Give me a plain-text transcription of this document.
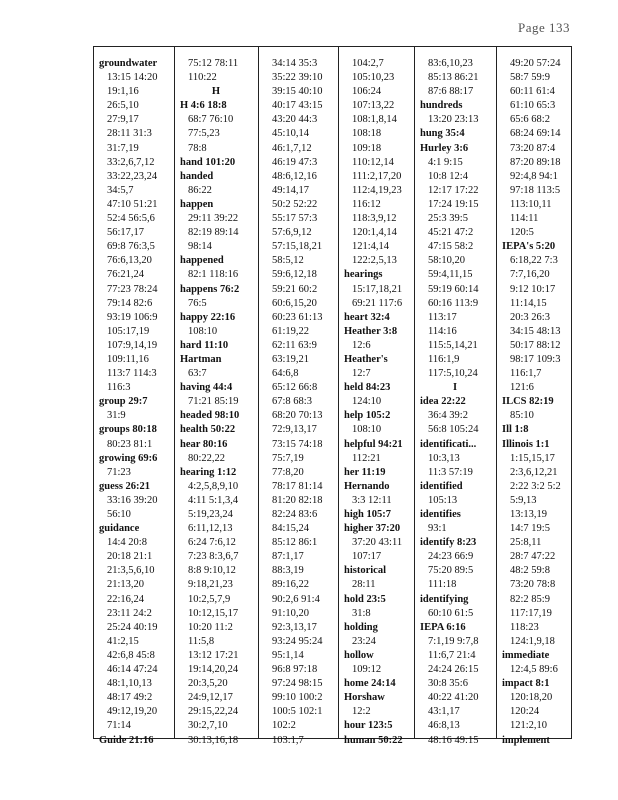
Page 133
groundwater
13:15 14:20
19:1,16
26:5,10
27:9,17
28:11 31:3
31:7,19
33:2,6,7,12
33:22,23,24
34:5,7
47:10 51:21
52:4 56:5,6
56:17,17
69:8 76:3,5
76:6,13,20
76:21,24
77:23 78:24
79:14 82:6
93:19 106:9
105:17,19
107:9,14,19
109:11,16
113:7 114:3
116:3
group 29:7
31:9
groups 80:18
80:23 81:1
growing 69:6
71:23
guess 26:21
33:16 39:20
56:10
guidance
14:4 20:8
20:18 21:1
21:3,5,6,10
21:13,20
22:16,24
23:11 24:2
25:24 40:19
41:2,15
42:6,8 45:8
46:14 47:24
48:1,10,13
48:17 49:2
49:12,19,20
71:14
Guide 21:16
75:12 78:11
110:22
H
H 4:6 18:8
68:7 76:10
77:5,23
78:8
hand 101:20
handed
86:22
happen
29:11 39:22
82:19 89:14
98:14
happened
82:1 118:16
happens 76:2
76:5
happy 22:16
108:10
hard 11:10
Hartman
63:7
having 44:4
71:21 85:19
headed 98:10
health 50:22
hear 80:16
80:22,22
hearing 1:12
4:2,5,8,9,10
4:11 5:1,3,4
5:19,23,24
6:11,12,13
6:24 7:6,12
7:23 8:3,6,7
8:8 9:10,12
9:18,21,23
10:2,5,7,9
10:12,15,17
10:20 11:2
11:5,8
13:12 17:21
19:14,20,24
20:3,5,20
24:9,12,17
29:15,22,24
30:2,7,10
30:13,16,18
34:14 35:3
35:22 39:10
39:15 40:10
40:17 43:15
43:20 44:3
45:10,14
46:1,7,12
46:19 47:3
48:6,12,16
49:14,17
50:2 52:22
55:17 57:3
57:6,9,12
57:15,18,21
58:5,12
59:6,12,18
59:21 60:2
60:6,15,20
60:23 61:13
61:19,22
62:11 63:9
63:19,21
64:6,8
65:12 66:8
67:8 68:3
68:20 70:13
72:9,13,17
73:15 74:18
75:7,19
77:8,20
78:17 81:14
81:20 82:18
82:24 83:6
84:15,24
85:12 86:1
87:1,17
88:3,19
89:16,22
90:2,6 91:4
91:10,20
92:3,13,17
93:24 95:24
95:1,14
96:8 97:18
97:24 98:15
99:10 100:2
100:5 102:1
102:2
103:1,7
104:2,7
105:10,23
106:24
107:13,22
108:1,8,14
108:18
109:18
110:12,14
111:2,17,20
112:4,19,23
116:12
118:3,9,12
120:1,4,14
121:4,14
122:2,5,13
hearings
15:17,18,21
69:21 117:6
heart 32:4
Heather 3:8
12:6
Heather's
12:7
held 84:23
124:10
help 105:2
108:10
helpful 94:21
112:21
her 11:19
Hernando
3:3 12:11
high 105:7
higher 37:20
37:20 43:11
107:17
historical
28:11
hold 23:5
31:8
holding
23:24
hollow
109:12
home 24:14
Horshaw
12:2
hour 123:5
human 50:22
83:6,10,23
85:13 86:21
87:6 88:17
hundreds
13:20 23:13
hung 35:4
Hurley 3:6
4:1 9:15
10:8 12:4
12:17 17:22
17:24 19:15
25:3 39:5
45:21 47:2
47:15 58:2
58:10,20
59:4,11,15
59:19 60:14
60:16 113:9
113:17
114:16
115:5,14,21
116:1,9
117:5,10,24
I
idea 22:22
36:4 39:2
56:8 105:24
identificati...
10:3,13
11:3 57:19
identified
105:13
identifies
93:1
identify 8:23
24:23 66:9
75:20 89:5
111:18
identifying
60:10 61:5
IEPA 6:16
7:1,19 9:7,8
11:6,7 21:4
24:24 26:15
30:8 35:6
40:22 41:20
43:1,17
46:8,13
48:16 49:15
49:20 57:24
58:7 59:9
60:11 61:4
61:10 65:3
65:6 68:2
68:24 69:14
73:20 87:4
87:20 89:18
92:4,8 94:1
97:18 113:5
113:10,11
114:11
120:5
IEPA's 5:20
6:18,22 7:3
7:7,16,20
9:12 10:17
11:14,15
20:3 26:3
34:15 48:13
50:17 88:12
98:17 109:3
116:1,7
121:6
ILCS 82:19
85:10
Ill 1:8
Illinois 1:1
1:15,15,17
2:3,6,12,21
2:22 3:2 5:2
5:9,13
13:13,19
14:7 19:5
25:8,11
28:7 47:22
48:2 59:8
73:20 78:8
82:2 85:9
117:17,19
118:23
124:1,9,18
immediate
12:4,5 89:6
impact 8:1
120:18,20
120:24
121:2,10
implement
